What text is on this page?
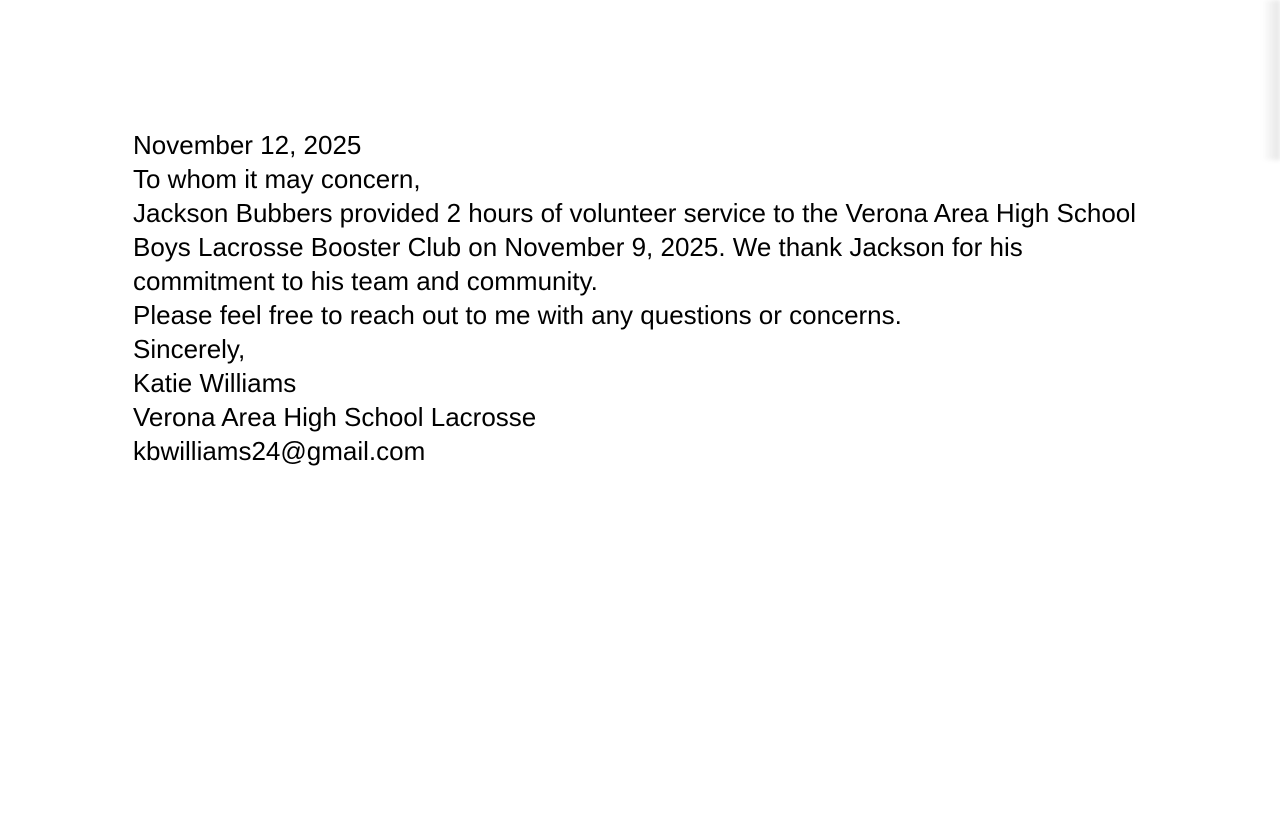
November 12, 2025

To whom it may concern,

Jackson Bubbers provided 2 hours of volunteer service to the Verona Area High School Boys Lacrosse Booster Club on November 9, 2025. We thank Jackson for his commitment to his team and community.

Please feel free to reach out to me with any questions or concerns.

Sincerely,

Katie Williams

Verona Area High School Lacrosse

kbwilliams24@gmail.com
